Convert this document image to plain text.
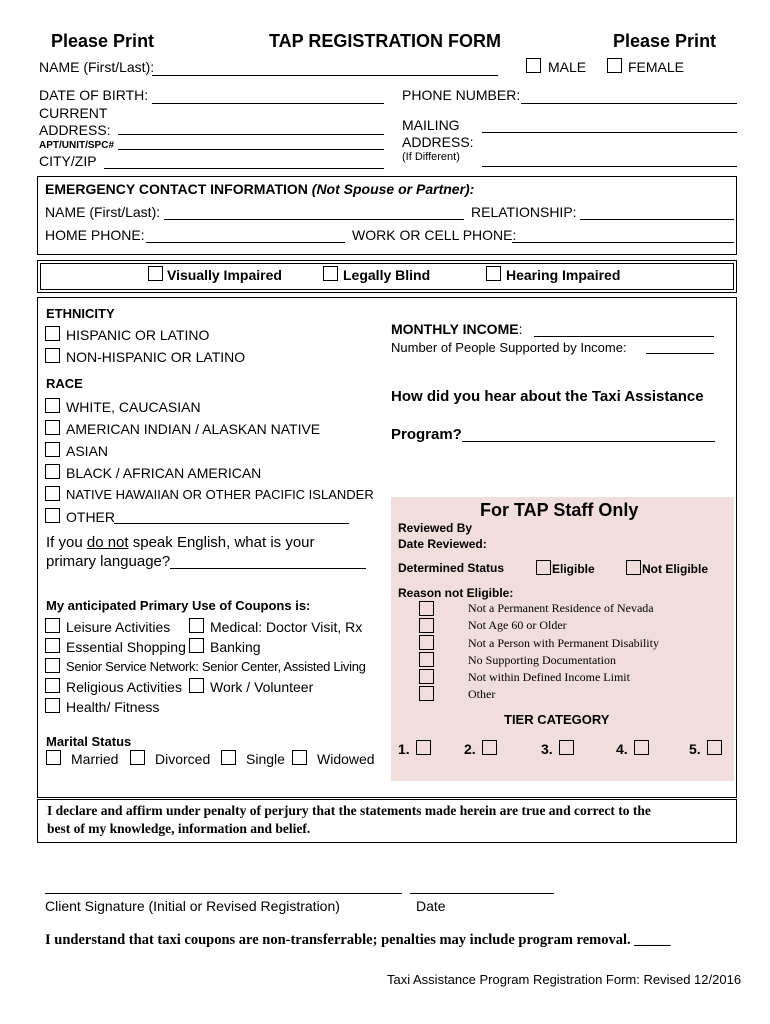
Please Print	TAP REGISTRATION FORM	Please Print
NAME (First/Last):	MALE	FEMALE
DATE OF BIRTH:	PHONE NUMBER:
CURRENT
ADDRESS:
APT/UNIT/SPC#
CITY/ZIP
MAILING
ADDRESS:
(If Different)
EMERGENCY CONTACT INFORMATION (Not Spouse or Partner):
NAME (First/Last):	RELATIONSHIP:
HOME PHONE:	WORK OR CELL PHONE:
Visually Impaired	Legally Blind	Hearing Impaired
ETHNICITY
HISPANIC OR LATINO
NON-HISPANIC OR LATINO
RACE
WHITE, CAUCASIAN
AMERICAN INDIAN / ALASKAN NATIVE
ASIAN
BLACK / AFRICAN AMERICAN
NATIVE HAWAIIAN OR OTHER PACIFIC ISLANDER
OTHER
If you do not speak English, what is your
primary language?
My anticipated Primary Use of Coupons is:
Leisure Activities	Medical: Doctor Visit, Rx
Essential Shopping Banking
Senior Service Network: Senior Center, Assisted Living
Religious Activities Work / Volunteer
Health/ Fitness
Marital Status
Married	Divorced	Single Widowed
MONTHLY INCOME:
Number of People Supported by Income:
How did you hear about the Taxi Assistance
Program?
For TAP Staff Only
Reviewed By
Date Reviewed:
Determined Status	Eligible	Not Eligible
Reason not Eligible:
Not a Permanent Residence of Nevada
Not Age 60 or Older
Not a Person with Permanent Disability
No Supporting Documentation
Not within Defined Income Limit
Other
TIER CATEGORY
1.	2.	3.	4.	5.
I declare and affirm under penalty of perjury that the statements made herein are true and correct to the
best of my knowledge, information and belief.
Client Signature (Initial or Revised Registration)	Date
I understand that taxi coupons are non-transferrable; penalties may include program removal. _____
Taxi Assistance Program Registration Form: Revised 12/2016
